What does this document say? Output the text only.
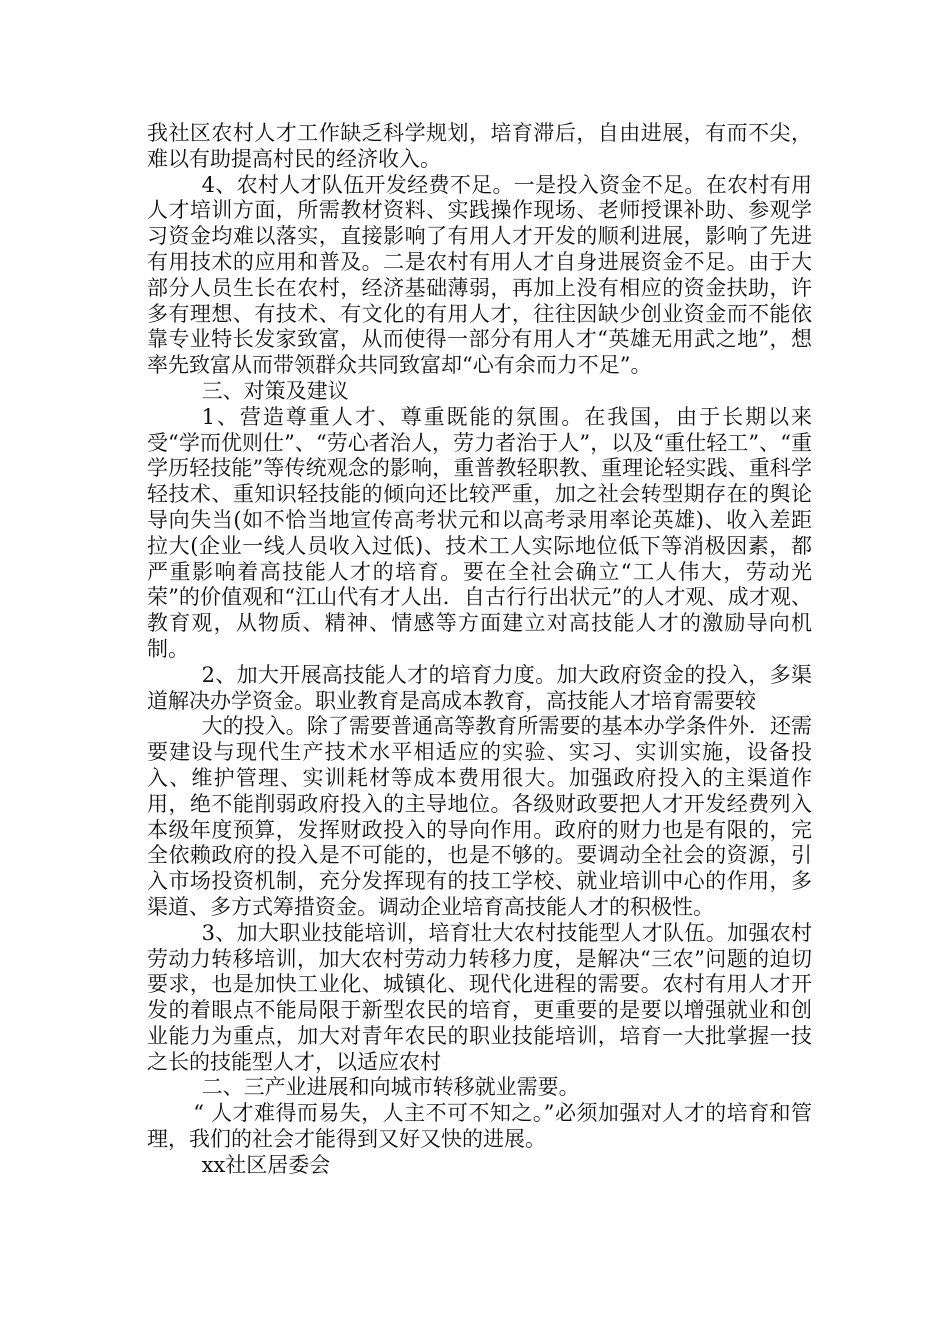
我社区农村人才工作缺乏科学规划，培育滞后，自由进展，有而不尖，难以有助提高村民的经济收入。

4、农村人才队伍开发经费不足。一是投入资金不足。在农村有用人才培训方面，所需教材资料、实践操作现场、老师授课补助、参观学习资金均难以落实，直接影响了有用人才开发的顺利进展，影响了先进有用技术的应用和普及。二是农村有用人才自身进展资金不足。由于大部分人员生长在农村，经济基础薄弱，再加上没有相应的资金扶助，许多有理想、有技术、有文化的有用人才，往往因缺少创业资金而不能依靠专业特长发家致富，从而使得一部分有用人才“英雄无用武之地”，想率先致富从而带领群众共同致富却“心有余而力不足”。

三、对策及建议

1、营造尊重人才、尊重既能的氛围。在我国，由于长期以来受“学而优则仕”、“劳心者治人，劳力者治于人”，以及“重仕轻工”、“重学历轻技能”等传统观念的影响，重普教轻职教、重理论轻实践、重科学轻技术、重知识轻技能的倾向还比较严重，加之社会转型期存在的舆论导向失当(如不恰当地宣传高考状元和以高考录用率论英雄)、收入差距拉大(企业一线人员收入过低)、技术工人实际地位低下等消极因素，都严重影响着高技能人才的培育。要在全社会确立“工人伟大，劳动光荣”的价值观和“江山代有才人出．自古行行出状元”的人才观、成才观、教育观，从物质、精神、情感等方面建立对高技能人才的激励导向机制。

2、加大开展高技能人才的培育力度。加大政府资金的投入，多渠道解决办学资金。职业教育是高成本教育，高技能人才培育需要较

大的投入。除了需要普通高等教育所需要的基本办学条件外．还需要建设与现代生产技术水平相适应的实验、实习、实训实施，设备投入、维护管理、实训耗材等成本费用很大。加强政府投入的主渠道作用，绝不能削弱政府投入的主导地位。各级财政要把人才开发经费列入本级年度预算，发挥财政投入的导向作用。政府的财力也是有限的，完全依赖政府的投入是不可能的，也是不够的。要调动全社会的资源，引入市场投资机制，充分发挥现有的技工学校、就业培训中心的作用，多渠道、多方式筹措资金。调动企业培育高技能人才的积极性。

3、加大职业技能培训，培育壮大农村技能型人才队伍。加强农村劳动力转移培训，加大农村劳动力转移力度，是解决“三农”问题的迫切要求，也是加快工业化、城镇化、现代化进程的需要。农村有用人才开发的着眼点不能局限于新型农民的培育，更重要的是要以增强就业和创业能力为重点，加大对青年农民的职业技能培训，培育一大批掌握一技之长的技能型人才，以适应农村

二、三产业进展和向城市转移就业需要。

“ 人才难得而易失，人主不可不知之。”必须加强对人才的培育和管理，我们的社会才能得到又好又快的进展。

xx社区居委会
